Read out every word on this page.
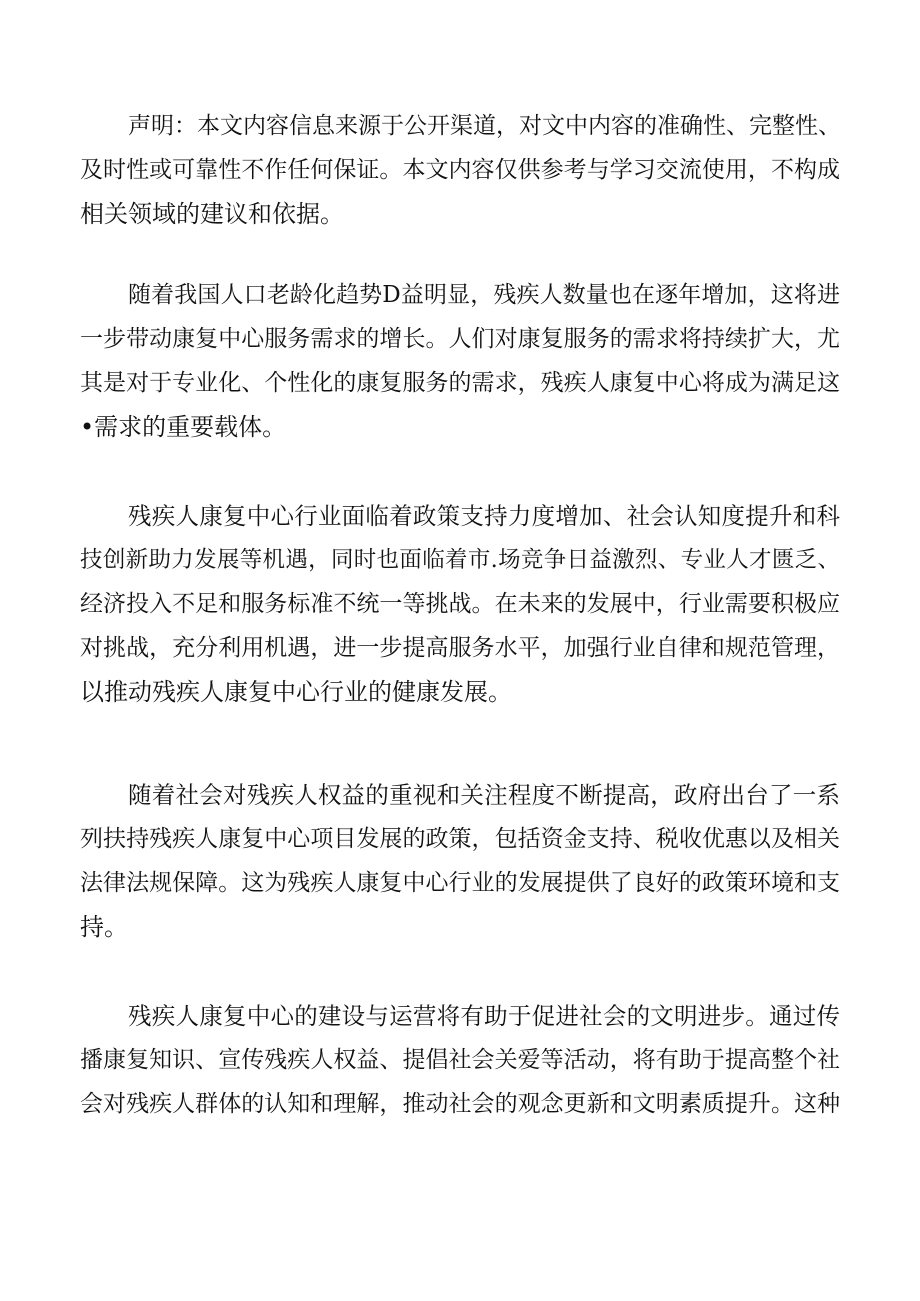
声明：本文内容信息来源于公开渠道，对文中内容的准确性、完整性、
及时性或可靠性不作任何保证。本文内容仅供参考与学习交流使用，不构成
相关领域的建议和依据。

随着我国人口老龄化趋势D益明显，残疾人数量也在逐年增加，这将进
一步带动康复中心服务需求的增长。人们对康复服务的需求将持续扩大，尤
其是对于专业化、个性化的康复服务的需求，残疾人康复中心将成为满足这
•需求的重要载体。

残疾人康复中心行业面临着政策支持力度增加、社会认知度提升和科
技创新助力发展等机遇，同时也面临着市.场竞争日益激烈、专业人才匮乏、
经济投入不足和服务标准不统一等挑战。在未来的发展中，行业需要积极应
对挑战，充分利用机遇，进一步提高服务水平，加强行业自律和规范管理，
以推动残疾人康复中心行业的健康发展。

随着社会对残疾人权益的重视和关注程度不断提高，政府出台了一系
列扶持残疾人康复中心项目发展的政策，包括资金支持、税收优惠以及相关
法律法规保障。这为残疾人康复中心行业的发展提供了良好的政策环境和支
持。

残疾人康复中心的建设与运营将有助于促进社会的文明进步。通过传
播康复知识、宣传残疾人权益、提倡社会关爱等活动，将有助于提高整个社
会对残疾人群体的认知和理解，推动社会的观念更新和文明素质提升。这种
